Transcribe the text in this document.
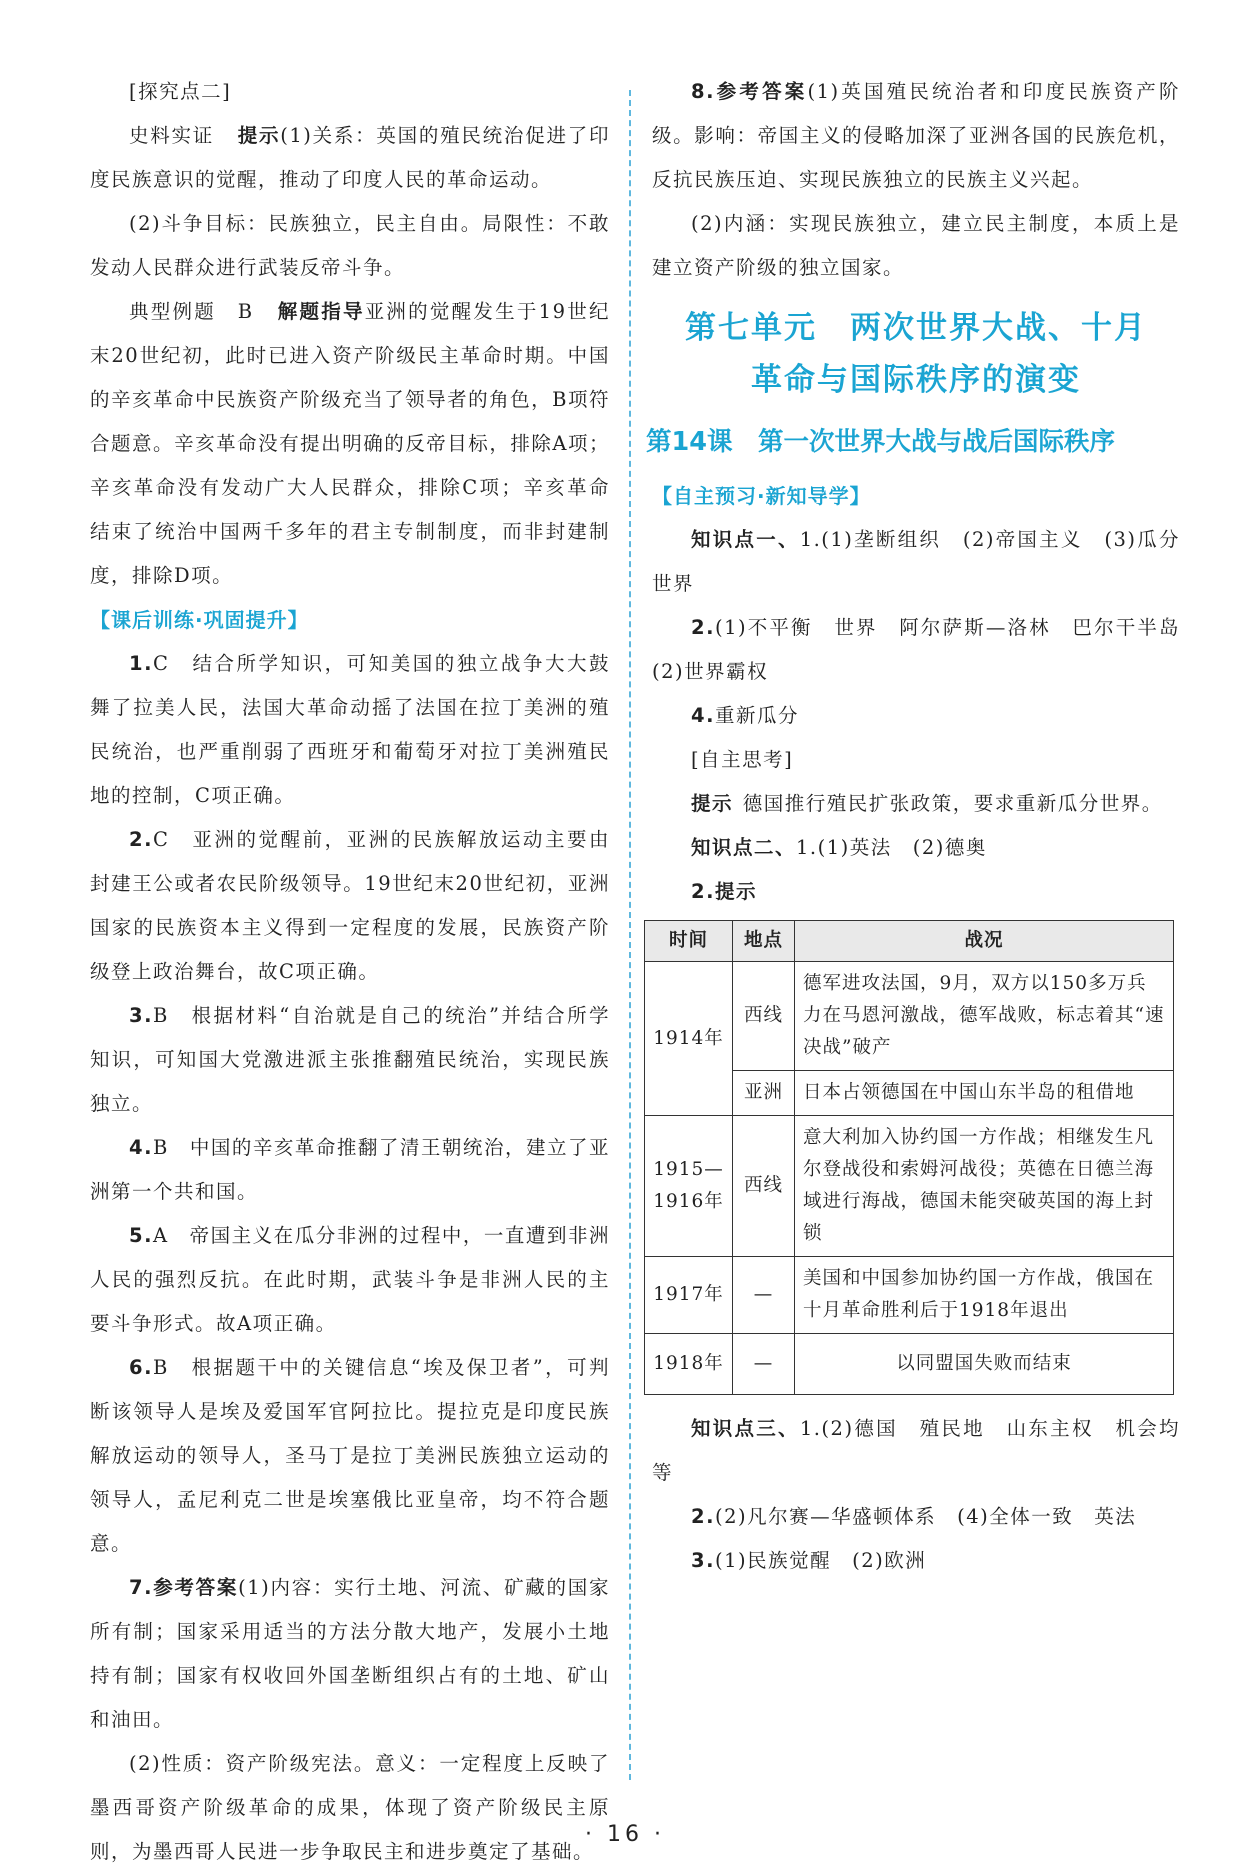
[探究点二]

史料实证 提示(1)关系：英国的殖民统治促进了印度民族意识的觉醒，推动了印度人民的革命运动。

(2)斗争目标：民族独立，民主自由。局限性：不敢发动人民群众进行武装反帝斗争。

典型例题　B 解题指导亚洲的觉醒发生于19世纪末20世纪初，此时已进入资产阶级民主革命时期。中国的辛亥革命中民族资产阶级充当了领导者的角色，B项符合题意。辛亥革命没有提出明确的反帝目标，排除A项；辛亥革命没有发动广大人民群众，排除C项；辛亥革命结束了统治中国两千多年的君主专制制度，而非封建制度，排除D项。

【课后训练·巩固提升】

1.C　结合所学知识，可知美国的独立战争大大鼓舞了拉美人民，法国大革命动摇了法国在拉丁美洲的殖民统治，也严重削弱了西班牙和葡萄牙对拉丁美洲殖民地的控制，C项正确。

2.C　亚洲的觉醒前，亚洲的民族解放运动主要由封建王公或者农民阶级领导。19世纪末20世纪初，亚洲国家的民族资本主义得到一定程度的发展，民族资产阶级登上政治舞台，故C项正确。

3.B　根据材料“自治就是自己的统治”并结合所学知识，可知国大党激进派主张推翻殖民统治，实现民族独立。

4.B　中国的辛亥革命推翻了清王朝统治，建立了亚洲第一个共和国。

5.A　帝国主义在瓜分非洲的过程中，一直遭到非洲人民的强烈反抗。在此时期，武装斗争是非洲人民的主要斗争形式。故A项正确。

6.B　根据题干中的关键信息“埃及保卫者”，可判断该领导人是埃及爱国军官阿拉比。提拉克是印度民族解放运动的领导人，圣马丁是拉丁美洲民族独立运动的领导人，孟尼利克二世是埃塞俄比亚皇帝，均不符合题意。

7.参考答案(1)内容：实行土地、河流、矿藏的国家所有制；国家采用适当的方法分散大地产，发展小土地持有制；国家有权收回外国垄断组织占有的土地、矿山和油田。

(2)性质：资产阶级宪法。意义：一定程度上反映了墨西哥资产阶级革命的成果，体现了资产阶级民主原则，为墨西哥人民进一步争取民主和进步奠定了基础。

8.参考答案(1)英国殖民统治者和印度民族资产阶级。影响：帝国主义的侵略加深了亚洲各国的民族危机，反抗民族压迫、实现民族独立的民族主义兴起。

(2)内涵：实现民族独立，建立民主制度，本质上是建立资产阶级的独立国家。

第七单元　两次世界大战、十月
革命与国际秩序的演变

第14课　第一次世界大战与战后国际秩序

【自主预习·新知导学】

知识点一、1.(1)垄断组织　(2)帝国主义　(3)瓜分世界

2.(1)不平衡　世界　阿尔萨斯—洛林　巴尔干半岛　(2)世界霸权

4.重新瓜分

[自主思考]

提示 德国推行殖民扩张政策，要求重新瓜分世界。

知识点二、1.(1)英法　(2)德奥

2.提示

时间	地点	战况
1914年	西线	德军进攻法国，9月，双方以150多万兵力在马恩河激战，德军战败，标志着其“速决战”破产
	亚洲	日本占领德国在中国山东半岛的租借地
1915—1916年	西线	意大利加入协约国一方作战；相继发生凡尔登战役和索姆河战役；英德在日德兰海域进行海战，德国未能突破英国的海上封锁
1917年	—	美国和中国参加协约国一方作战，俄国在十月革命胜利后于1918年退出
1918年	—	以同盟国失败而结束

知识点三、1.(2)德国　殖民地　山东主权　机会均等

2.(2)凡尔赛—华盛顿体系　(4)全体一致　英法

3.(1)民族觉醒　(2)欧洲

· 16 ·
